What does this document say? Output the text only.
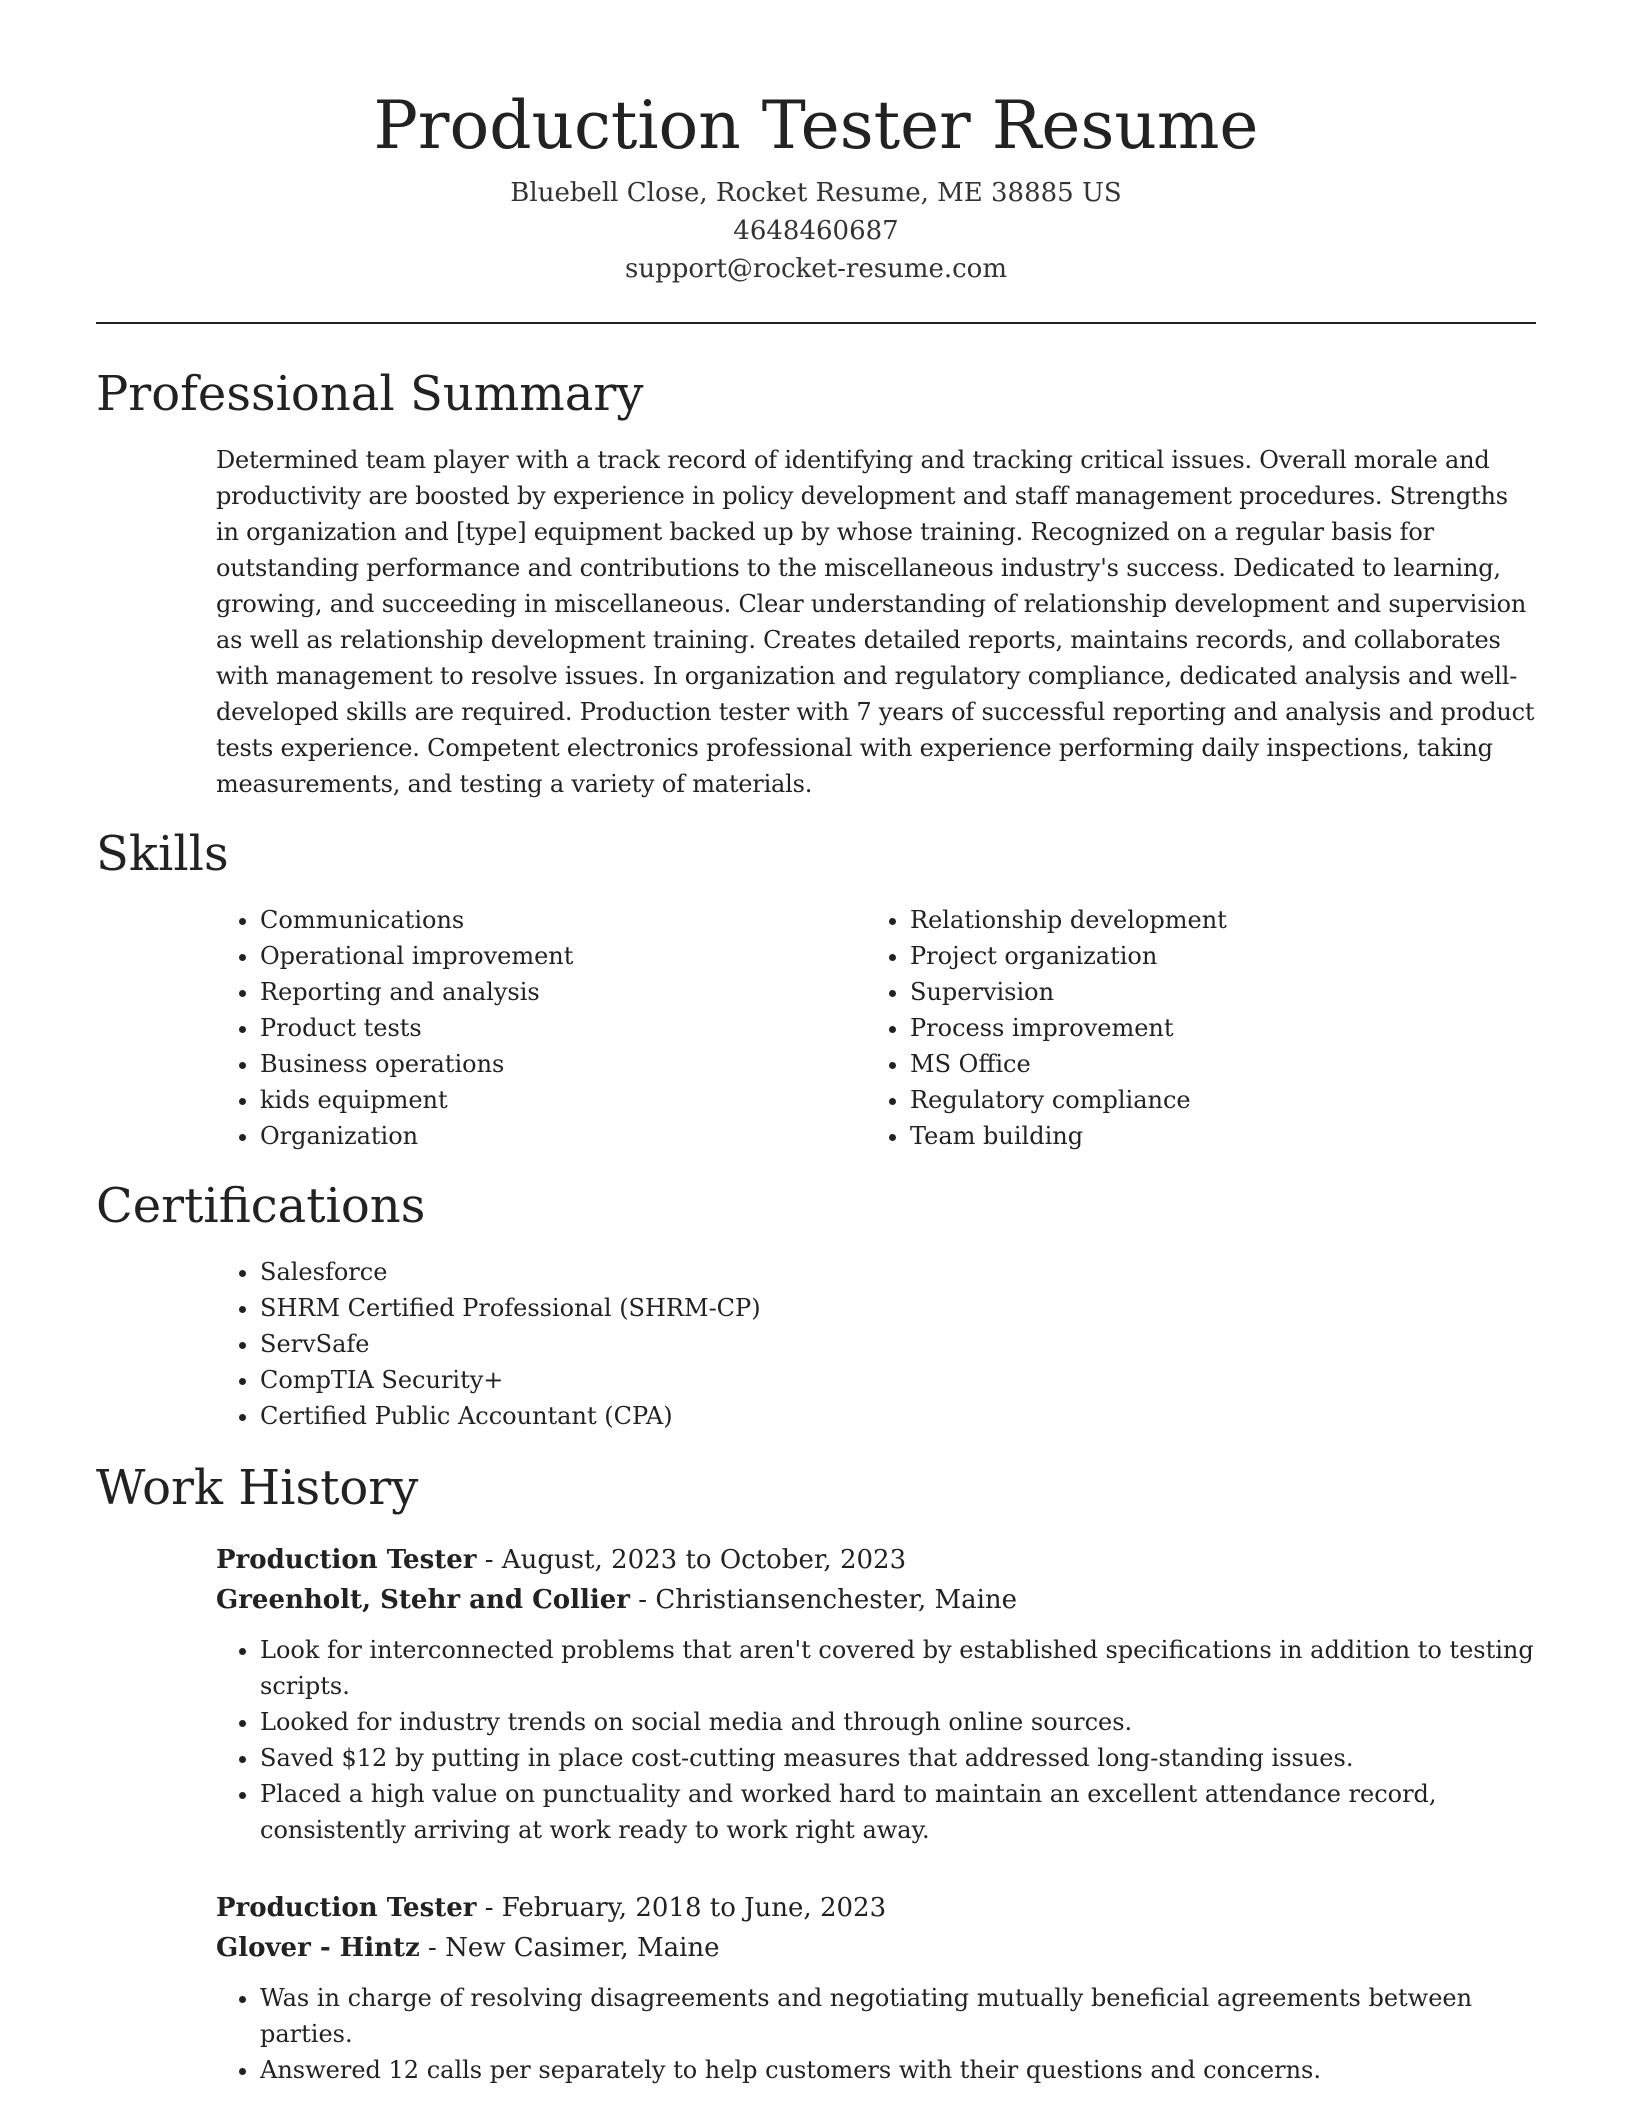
Production Tester Resume
Bluebell Close, Rocket Resume, ME 38885 US
4648460687
support@rocket-resume.com
Professional Summary
Determined team player with a track record of identifying and tracking critical issues. Overall morale and productivity are boosted by experience in policy development and staff management procedures. Strengths in organization and [type] equipment backed up by whose training. Recognized on a regular basis for outstanding performance and contributions to the miscellaneous industry's success. Dedicated to learning, growing, and succeeding in miscellaneous. Clear understanding of relationship development and supervision as well as relationship development training. Creates detailed reports, maintains records, and collaborates with management to resolve issues. In organization and regulatory compliance, dedicated analysis and well-developed skills are required. Production tester with 7 years of successful reporting and analysis and product tests experience. Competent electronics professional with experience performing daily inspections, taking measurements, and testing a variety of materials.
Skills
• Communications
• Operational improvement
• Reporting and analysis
• Product tests
• Business operations
• kids equipment
• Organization
• Relationship development
• Project organization
• Supervision
• Process improvement
• MS Office
• Regulatory compliance
• Team building
Certifications
• Salesforce
• SHRM Certified Professional (SHRM-CP)
• ServSafe
• CompTIA Security+
• Certified Public Accountant (CPA)
Work History
Production Tester - August, 2023 to October, 2023
Greenholt, Stehr and Collier - Christiansenchester, Maine
• Look for interconnected problems that aren't covered by established specifications in addition to testing scripts.
• Looked for industry trends on social media and through online sources.
• Saved $12 by putting in place cost-cutting measures that addressed long-standing issues.
• Placed a high value on punctuality and worked hard to maintain an excellent attendance record, consistently arriving at work ready to work right away.
Production Tester - February, 2018 to June, 2023
Glover - Hintz - New Casimer, Maine
• Was in charge of resolving disagreements and negotiating mutually beneficial agreements between parties.
• Answered 12 calls per separately to help customers with their questions and concerns.
